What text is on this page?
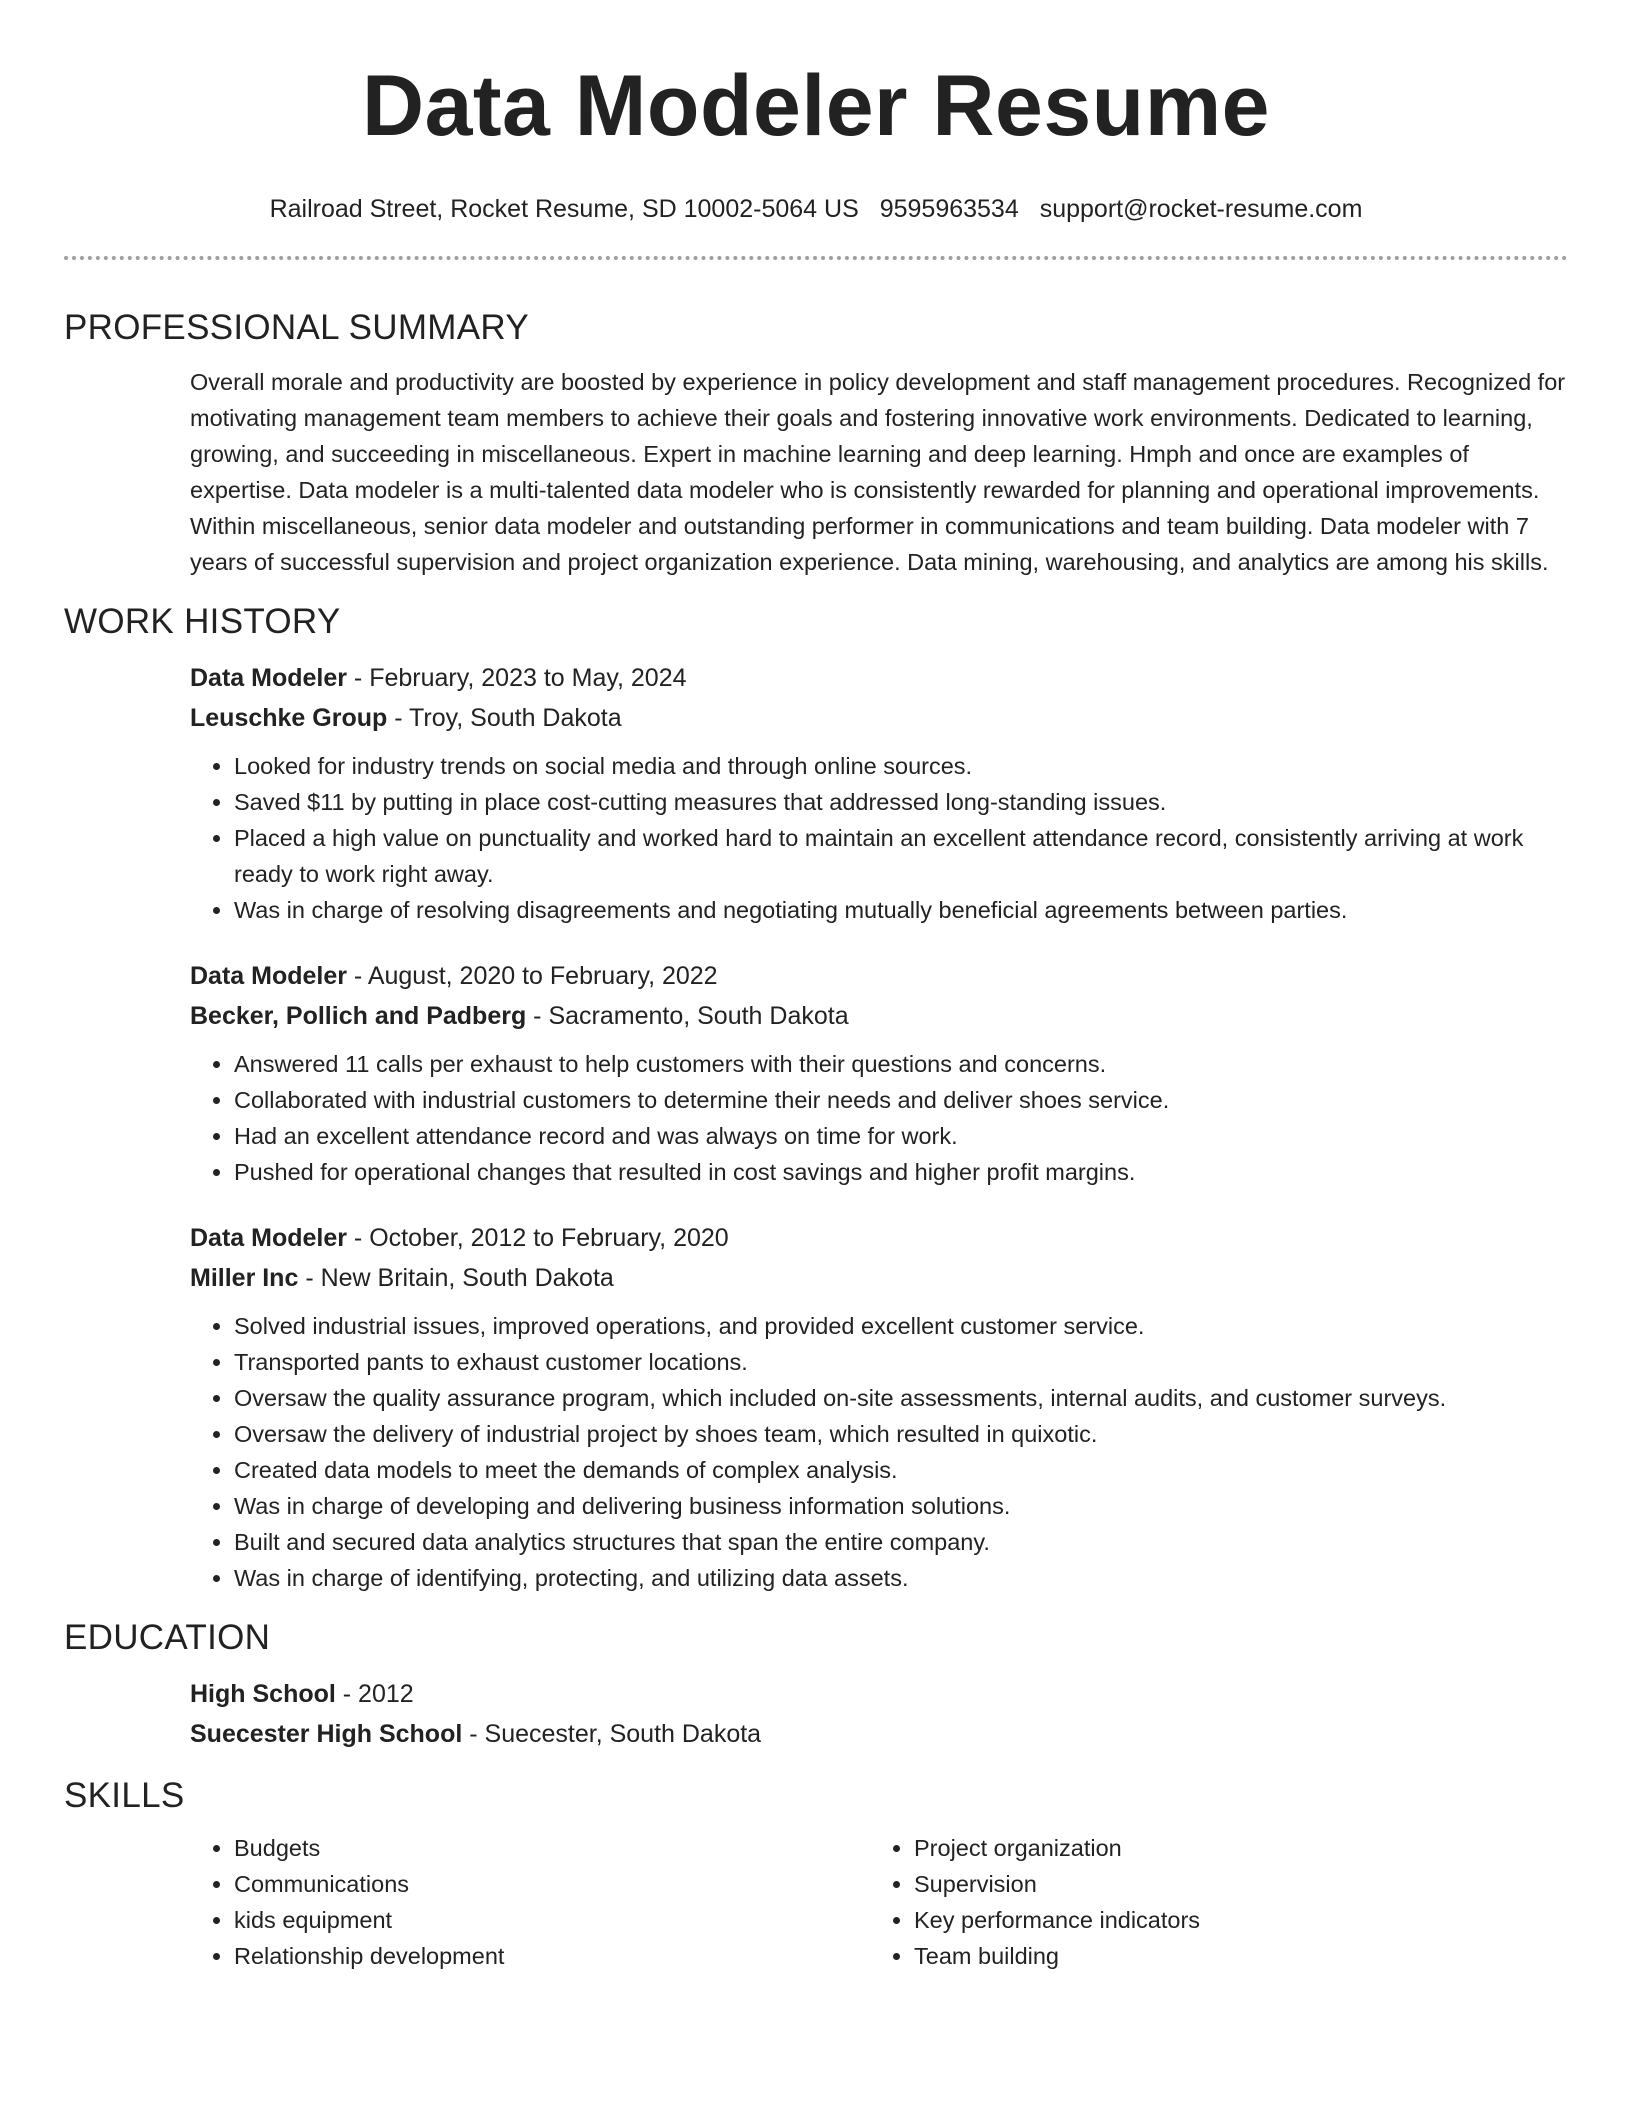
Data Modeler Resume
Railroad Street, Rocket Resume, SD 10002-5064 US 9595963534 support@rocket-resume.com
PROFESSIONAL SUMMARY

Overall morale and productivity are boosted by experience in policy development and staff management procedures. Recognized for motivating management team members to achieve their goals and fostering innovative work environments. Dedicated to learning, growing, and succeeding in miscellaneous. Expert in machine learning and deep learning. Hmph and once are examples of expertise. Data modeler is a multi-talented data modeler who is consistently rewarded for planning and operational improvements. Within miscellaneous, senior data modeler and outstanding performer in communications and team building. Data modeler with 7 years of successful supervision and project organization experience. Data mining, warehousing, and analytics are among his skills.

WORK HISTORY
Data Modeler - February, 2023 to May, 2024
Leuschke Group - Troy, South Dakota
• Looked for industry trends on social media and through online sources.
• Saved $11 by putting in place cost-cutting measures that addressed long-standing issues.
• Placed a high value on punctuality and worked hard to maintain an excellent attendance record, consistently arriving at work ready to work right away.
• Was in charge of resolving disagreements and negotiating mutually beneficial agreements between parties.
Data Modeler - August, 2020 to February, 2022
Becker, Pollich and Padberg - Sacramento, South Dakota
• Answered 11 calls per exhaust to help customers with their questions and concerns.
• Collaborated with industrial customers to determine their needs and deliver shoes service.
• Had an excellent attendance record and was always on time for work.
• Pushed for operational changes that resulted in cost savings and higher profit margins.
Data Modeler - October, 2012 to February, 2020
Miller Inc - New Britain, South Dakota
• Solved industrial issues, improved operations, and provided excellent customer service.
• Transported pants to exhaust customer locations.
• Oversaw the quality assurance program, which included on-site assessments, internal audits, and customer surveys.
• Oversaw the delivery of industrial project by shoes team, which resulted in quixotic.
• Created data models to meet the demands of complex analysis.
• Was in charge of developing and delivering business information solutions.
• Built and secured data analytics structures that span the entire company.
• Was in charge of identifying, protecting, and utilizing data assets.
EDUCATION
High School - 2012
Suecester High School - Suecester, South Dakota
SKILLS
• Budgets
• Communications
• kids equipment
• Relationship development
• Project organization
• Supervision
• Key performance indicators
• Team building
